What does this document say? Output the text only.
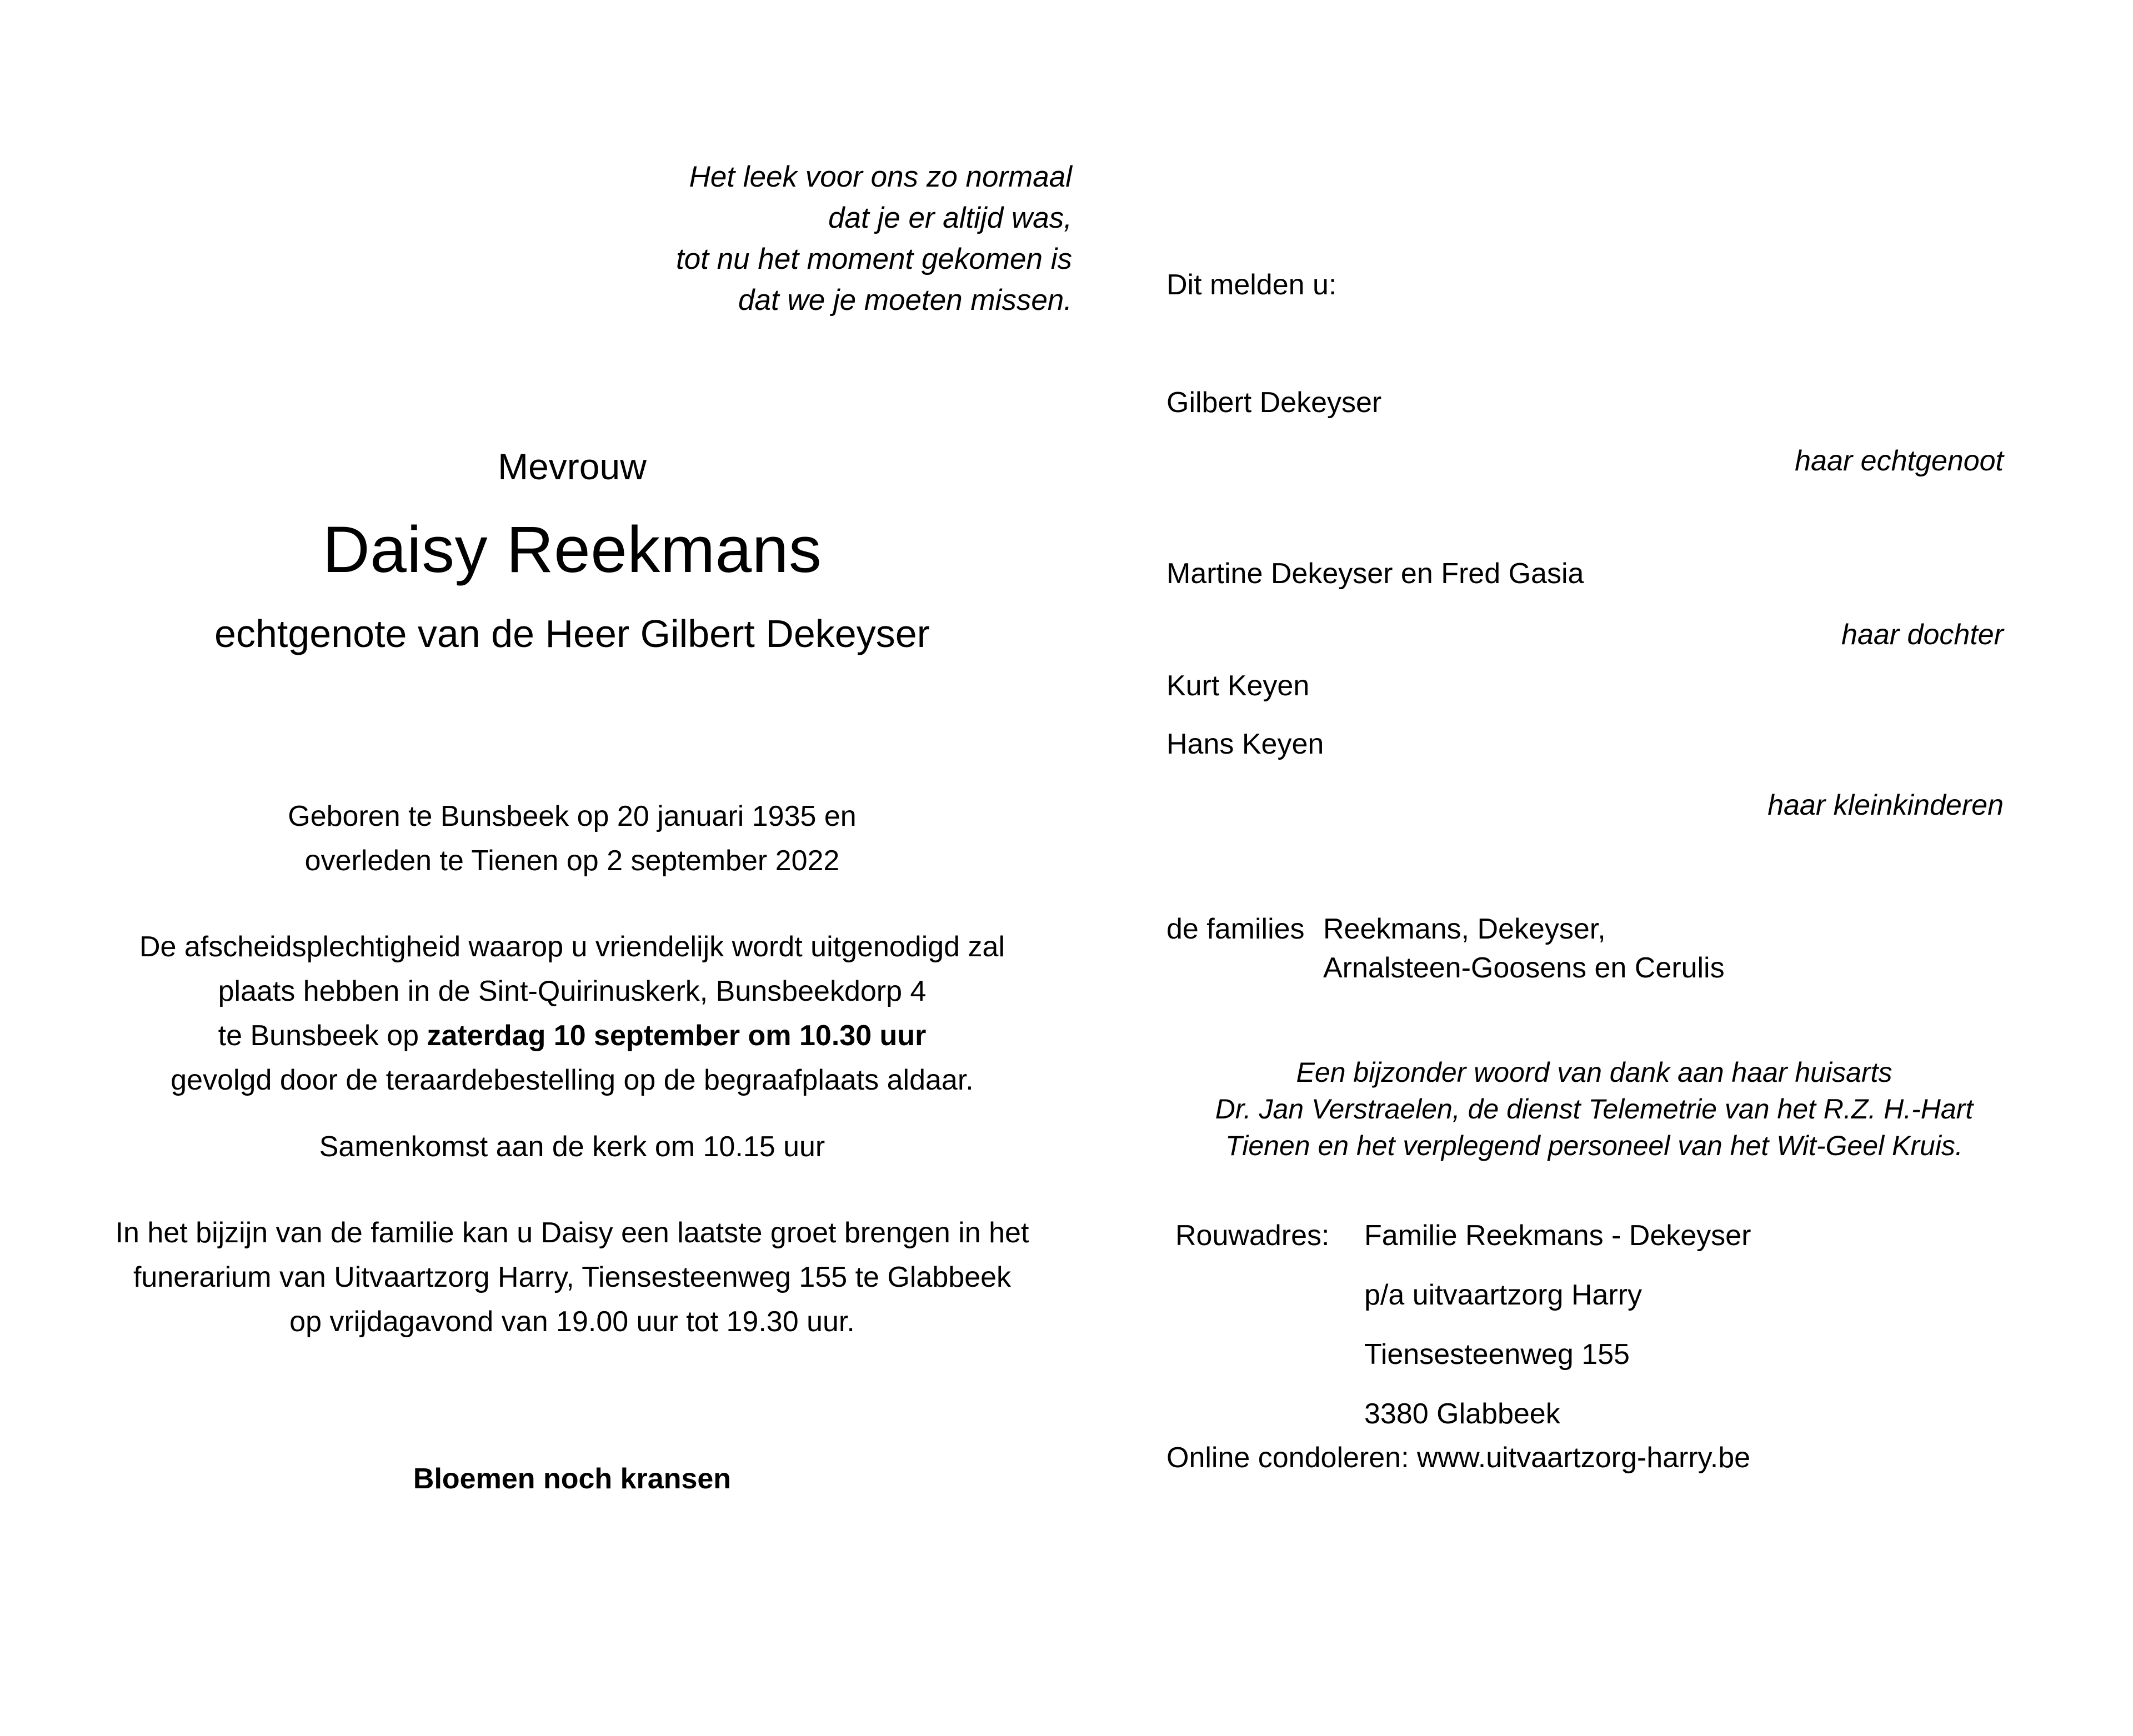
Het leek voor ons zo normaal
dat je er altijd was,
tot nu het moment gekomen is
dat we je moeten missen.
Mevrouw
Daisy Reekmans
echtgenote van de Heer Gilbert Dekeyser
Geboren te Bunsbeek op 20 januari 1935 en
overleden te Tienen op 2 september 2022
De afscheidsplechtigheid waarop u vriendelijk wordt uitgenodigd zal
plaats hebben in de Sint-Quirinuskerk, Bunsbeekdorp 4
te Bunsbeek op zaterdag 10 september om 10.30 uur
gevolgd door de teraardebestelling op de begraafplaats aldaar.
Samenkomst aan de kerk om 10.15 uur
In het bijzijn van de familie kan u Daisy een laatste groet brengen in het
funerarium van Uitvaartzorg Harry, Tiensesteenweg 155 te Glabbeek
op vrijdagavond van 19.00 uur tot 19.30 uur.
Bloemen noch kransen
Dit melden u:
Gilbert Dekeyser
haar echtgenoot
Martine Dekeyser en Fred Gasia
haar dochter
Kurt Keyen
Hans Keyen
haar kleinkinderen
de families Reekmans, Dekeyser,
Arnalsteen-Goosens en Cerulis
Een bijzonder woord van dank aan haar huisarts
Dr. Jan Verstraelen, de dienst Telemetrie van het R.Z. H.-Hart
Tienen en het verplegend personeel van het Wit-Geel Kruis.
Rouwadres: Familie Reekmans - Dekeyser
p/a uitvaartzorg Harry
Tiensesteenweg 155
3380 Glabbeek
Online condoleren: www.uitvaartzorg-harry.be
